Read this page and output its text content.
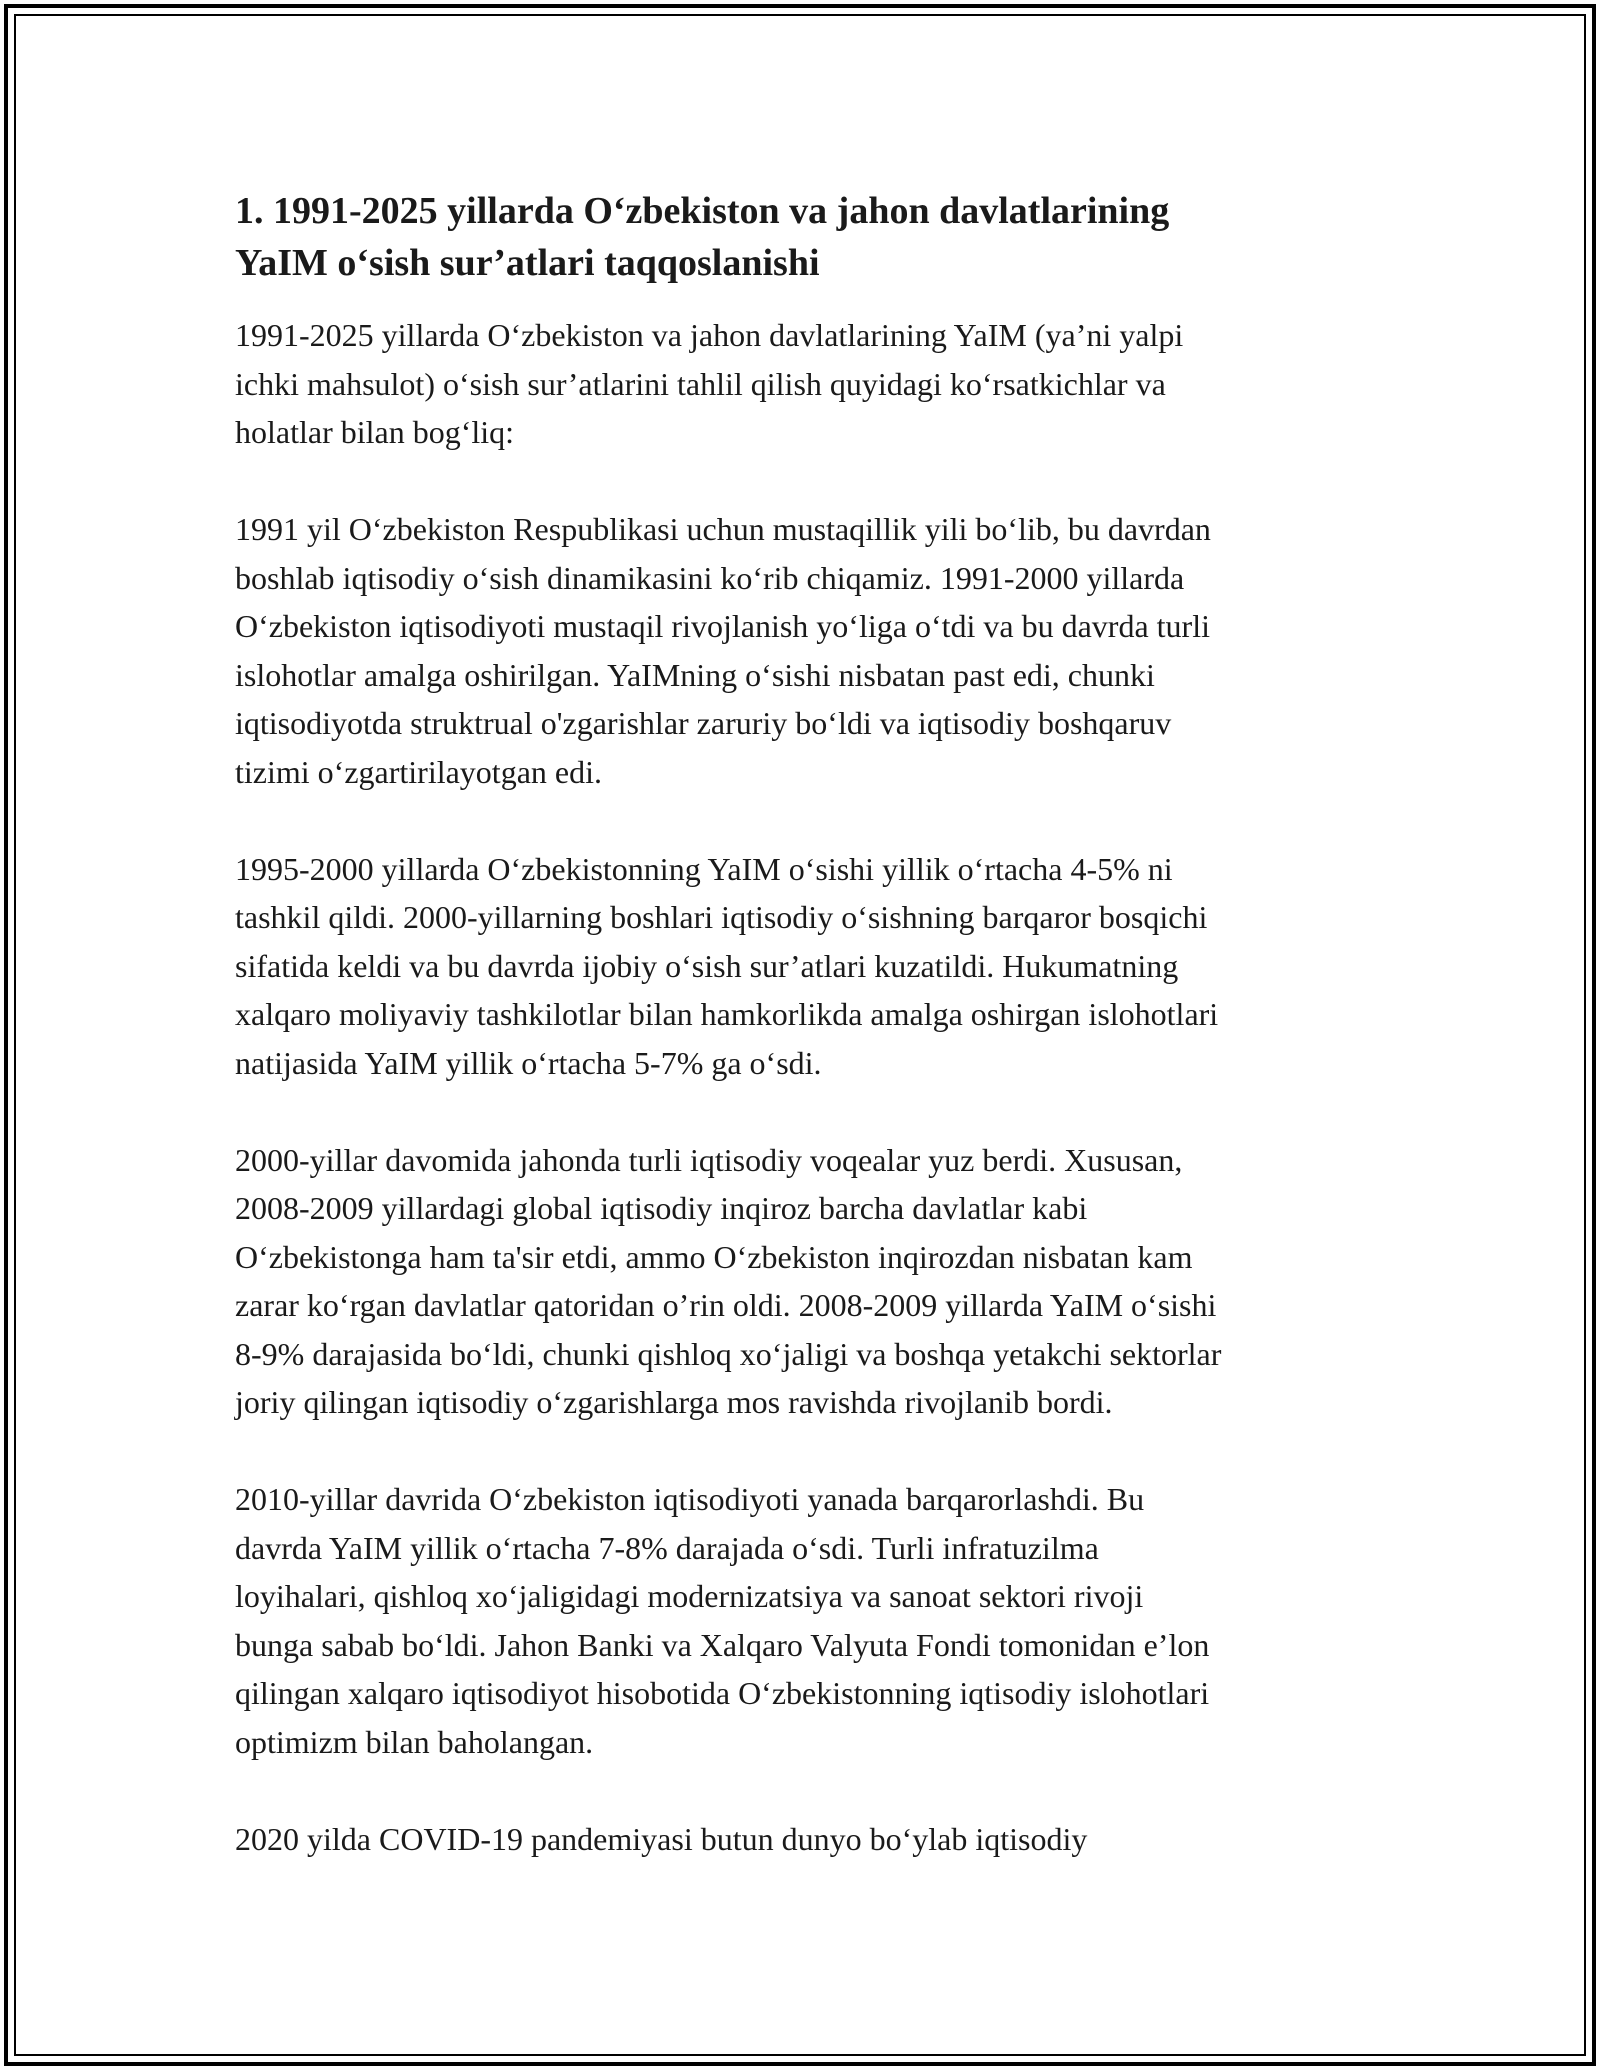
1. 1991-2025 yillarda O‘zbekiston va jahon davlatlarining
YaIM o‘sish sur’atlari taqqoslanishi

1991-2025 yillarda O‘zbekiston va jahon davlatlarining YaIM (ya’ni yalpi
ichki mahsulot) o‘sish sur’atlarini tahlil qilish quyidagi ko‘rsatkichlar va
holatlar bilan bog‘liq:

1991 yil O‘zbekiston Respublikasi uchun mustaqillik yili bo‘lib, bu davrdan
boshlab iqtisodiy o‘sish dinamikasini ko‘rib chiqamiz. 1991-2000 yillarda
O‘zbekiston iqtisodiyoti mustaqil rivojlanish yo‘liga o‘tdi va bu davrda turli
islohotlar amalga oshirilgan. YaIMning o‘sishi nisbatan past edi, chunki
iqtisodiyotda struktrual o'zgarishlar zaruriy bo‘ldi va iqtisodiy boshqaruv
tizimi o‘zgartirilayotgan edi.

1995-2000 yillarda O‘zbekistonning YaIM o‘sishi yillik o‘rtacha 4-5% ni
tashkil qildi. 2000-yillarning boshlari iqtisodiy o‘sishning barqaror bosqichi
sifatida keldi va bu davrda ijobiy o‘sish sur’atlari kuzatildi. Hukumatning
xalqaro moliyaviy tashkilotlar bilan hamkorlikda amalga oshirgan islohotlari
natijasida YaIM yillik o‘rtacha 5-7% ga o‘sdi.

2000-yillar davomida jahonda turli iqtisodiy voqealar yuz berdi. Xususan,
2008-2009 yillardagi global iqtisodiy inqiroz barcha davlatlar kabi
O‘zbekistonga ham ta'sir etdi, ammo O‘zbekiston inqirozdan nisbatan kam
zarar ko‘rgan davlatlar qatoridan o’rin oldi. 2008-2009 yillarda YaIM o‘sishi
8-9% darajasida bo‘ldi, chunki qishloq xo‘jaligi va boshqa yetakchi sektorlar
joriy qilingan iqtisodiy o‘zgarishlarga mos ravishda rivojlanib bordi.

2010-yillar davrida O‘zbekiston iqtisodiyoti yanada barqarorlashdi. Bu
davrda YaIM yillik o‘rtacha 7-8% darajada o‘sdi. Turli infratuzilma
loyihalari, qishloq xo‘jaligidagi modernizatsiya va sanoat sektori rivoji
bunga sabab bo‘ldi. Jahon Banki va Xalqaro Valyuta Fondi tomonidan e’lon
qilingan xalqaro iqtisodiyot hisobotida O‘zbekistonning iqtisodiy islohotlari
optimizm bilan baholangan.

2020 yilda COVID-19 pandemiyasi butun dunyo bo‘ylab iqtisodiy
